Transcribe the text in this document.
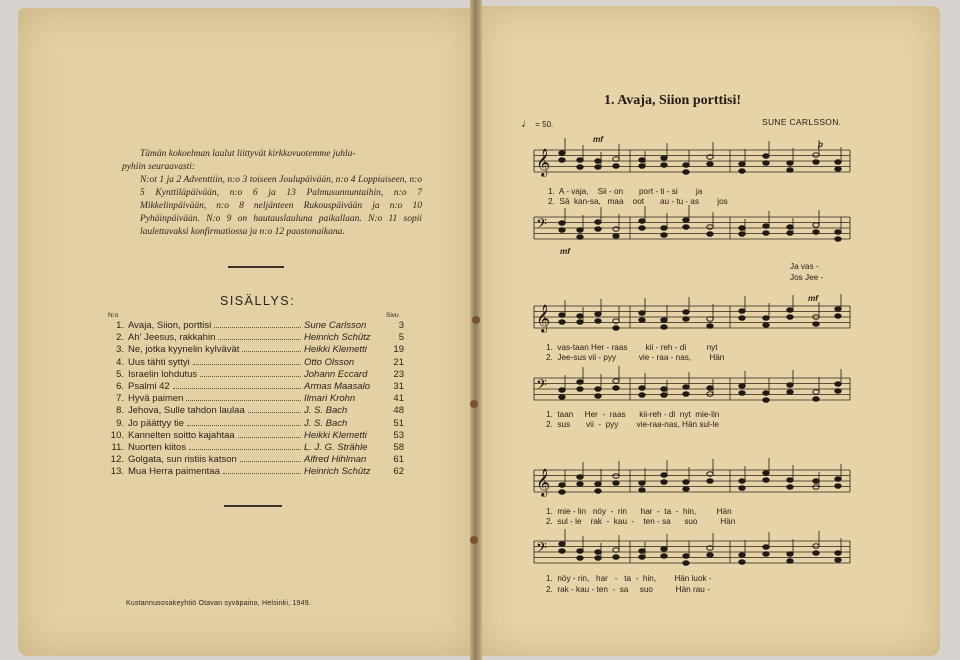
Tämän kokoelman laulut liittyvät kirkkovuotemme juhla-
pyhiin seuraavasti:
N:ot 1 ja 2 Adventtiin, n:o 3 toiseen Joulupäivään, n:o 4 Loppiaiseen, n:o 5 Kynttiläpäivään, n:o 6 ja 13 Palmusunnuntaihin, n:o 7 Mikkelinpäivään, n:o 8 neljänteen Rukouspäivään ja n:o 10 Pyhäinpäivään. N:o 9 on hautauslauluna paikallaan. N:o 11 sopii laulettavaksi konfirmatiossa ja n:o 12 paastonaikana.

SISÄLLYS:
N:o	Sivu
1. Avaja, Siion, porttisi	Sune Carlsson	3
2. Ah' Jeesus, rakkahin	Heinrich Schütz	5
3. Ne, jotka kyynelin kylvävät	Heikki Klemetti	19
4. Uus tähti syttyi	Otto Olsson	21
5. Israelin lohdutus	Johann Eccard	23
6. Psalmi 42	Armas Maasalo	31
7. Hyvä paimen	Ilmari Krohn	41
8. Jehova, Sulle tahdon laulaa	J. S. Bach	48
9. Jo päättyy tie	J. S. Bach	51
10. Kannelten soitto kajahtaa	Heikki Klemetti	53
11. Nuorten kiitos	L. J. G. Strähle	58
12. Golgata, sun ristiis katson	Alfred Hihlman	61
13. Mua Herra paimentaa	Heinrich Schütz	62
Kustannusosakeyhtiö Otavan syväpaino, Helsinki, 1949.
1. Avaja, Siion porttisi!
♩ = 50.	SUNE CARLSSON.
𝄞
𝄢
𝄞
𝄢
𝄞
𝄢
1.  A - vaja,    Sii - on       port - ti - si        ja
2.  Sä  kan-sa,   maa    oot       au - tu - as        jos
Ja vas -
Jos Jee -
1.  vas-taan Her - raas        kii - reh - di         nyt
2.  Jee-sus vii - pyy          vie - raa - nas,        Hän
1.  taan     Her  -  raas      kii-reh - di  nyt  mie-lin
2.  sus       vii  -  pyy        vie-raa-nas, Hän sul-le
1.  mie - lin   nöy  -  rin      har  -  ta  -  hin,         Hän
2.  sul - le    rak  -  kau  -    ten - sa      suo          Hän
1.  nöy - rin,   har   -   ta  -  hin,        Hän luok -
2.  rak - kau - ten  -  sa     suo          Hän rau -
mf
p
mf
mf
